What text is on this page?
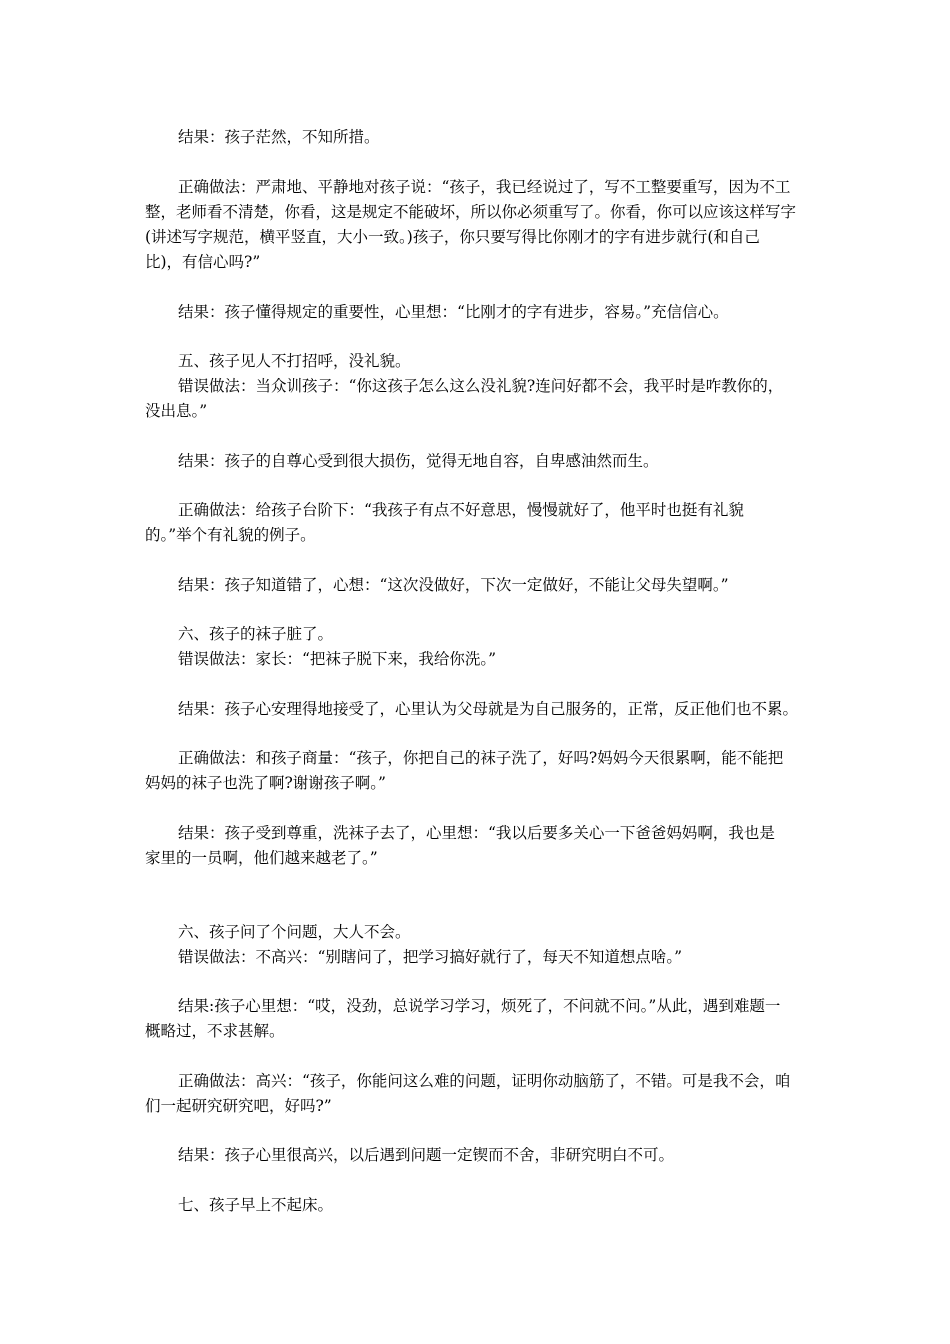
结果：孩子茫然，不知所措。
正确做法：严肃地、平静地对孩子说：“孩子，我已经说过了，写不工整要重写，因为不工
整，老师看不清楚，你看，这是规定不能破坏，所以你必须重写了。你看，你可以应该这样写字
(讲述写字规范，横平竖直，大小一致。)孩子，你只要写得比你刚才的字有进步就行(和自己
比)，有信心吗?”
结果：孩子懂得规定的重要性，心里想：“比刚才的字有进步，容易。”充信信心。
五、孩子见人不打招呼，没礼貌。
错误做法：当众训孩子：“你这孩子怎么这么没礼貌?连问好都不会，我平时是咋教你的，
没出息。”
结果：孩子的自尊心受到很大损伤，觉得无地自容，自卑感油然而生。
正确做法：给孩子台阶下：“我孩子有点不好意思，慢慢就好了，他平时也挺有礼貌
的。”举个有礼貌的例子。
结果：孩子知道错了，心想：“这次没做好，下次一定做好，不能让父母失望啊。”
六、孩子的袜子脏了。
错误做法：家长：“把袜子脱下来，我给你洗。”
结果：孩子心安理得地接受了，心里认为父母就是为自己服务的，正常，反正他们也不累。
正确做法：和孩子商量：“孩子，你把自己的袜子洗了，好吗?妈妈今天很累啊，能不能把
妈妈的袜子也洗了啊?谢谢孩子啊。”
结果：孩子受到尊重，洗袜子去了，心里想：“我以后要多关心一下爸爸妈妈啊，我也是
家里的一员啊，他们越来越老了。”
六、孩子问了个问题，大人不会。
错误做法：不高兴：“别瞎问了，把学习搞好就行了，每天不知道想点啥。”
结果:孩子心里想：“哎，没劲，总说学习学习，烦死了，不问就不问。”从此，遇到难题一
概略过，不求甚解。
正确做法：高兴：“孩子，你能问这么难的问题，证明你动脑筋了，不错。可是我不会，咱
们一起研究研究吧，好吗?”
结果：孩子心里很高兴，以后遇到问题一定锲而不舍，非研究明白不可。
七、孩子早上不起床。
